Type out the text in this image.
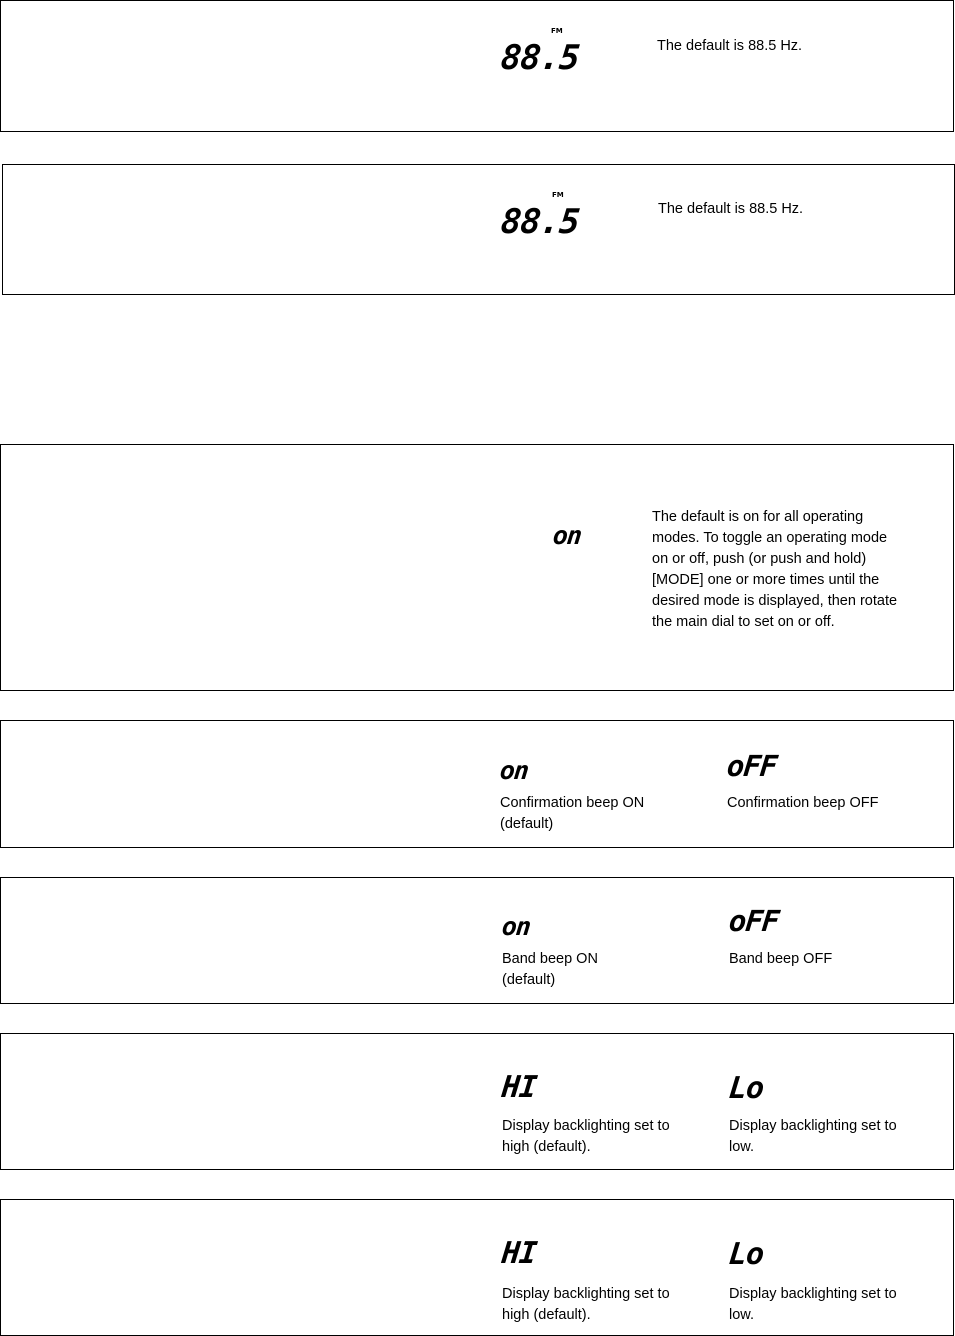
88.5
FM
The default is 88.5 Hz.
88.5
FM
The default is 88.5 Hz.
on
The default is on for all operating
modes. To toggle an operating mode
on or off, push (or push and hold)
[MODE] one or more times until the
desired mode is displayed, then rotate
the main dial to set on or off.
on
Confirmation beep ON
(default)
oFF
Confirmation beep OFF
on
Band beep ON
(default)
oFF
Band beep OFF
HI
Display backlighting set to
high (default).
Lo
Display backlighting set to
low.
HI
Display backlighting set to
high (default).
Lo
Display backlighting set to
low.
